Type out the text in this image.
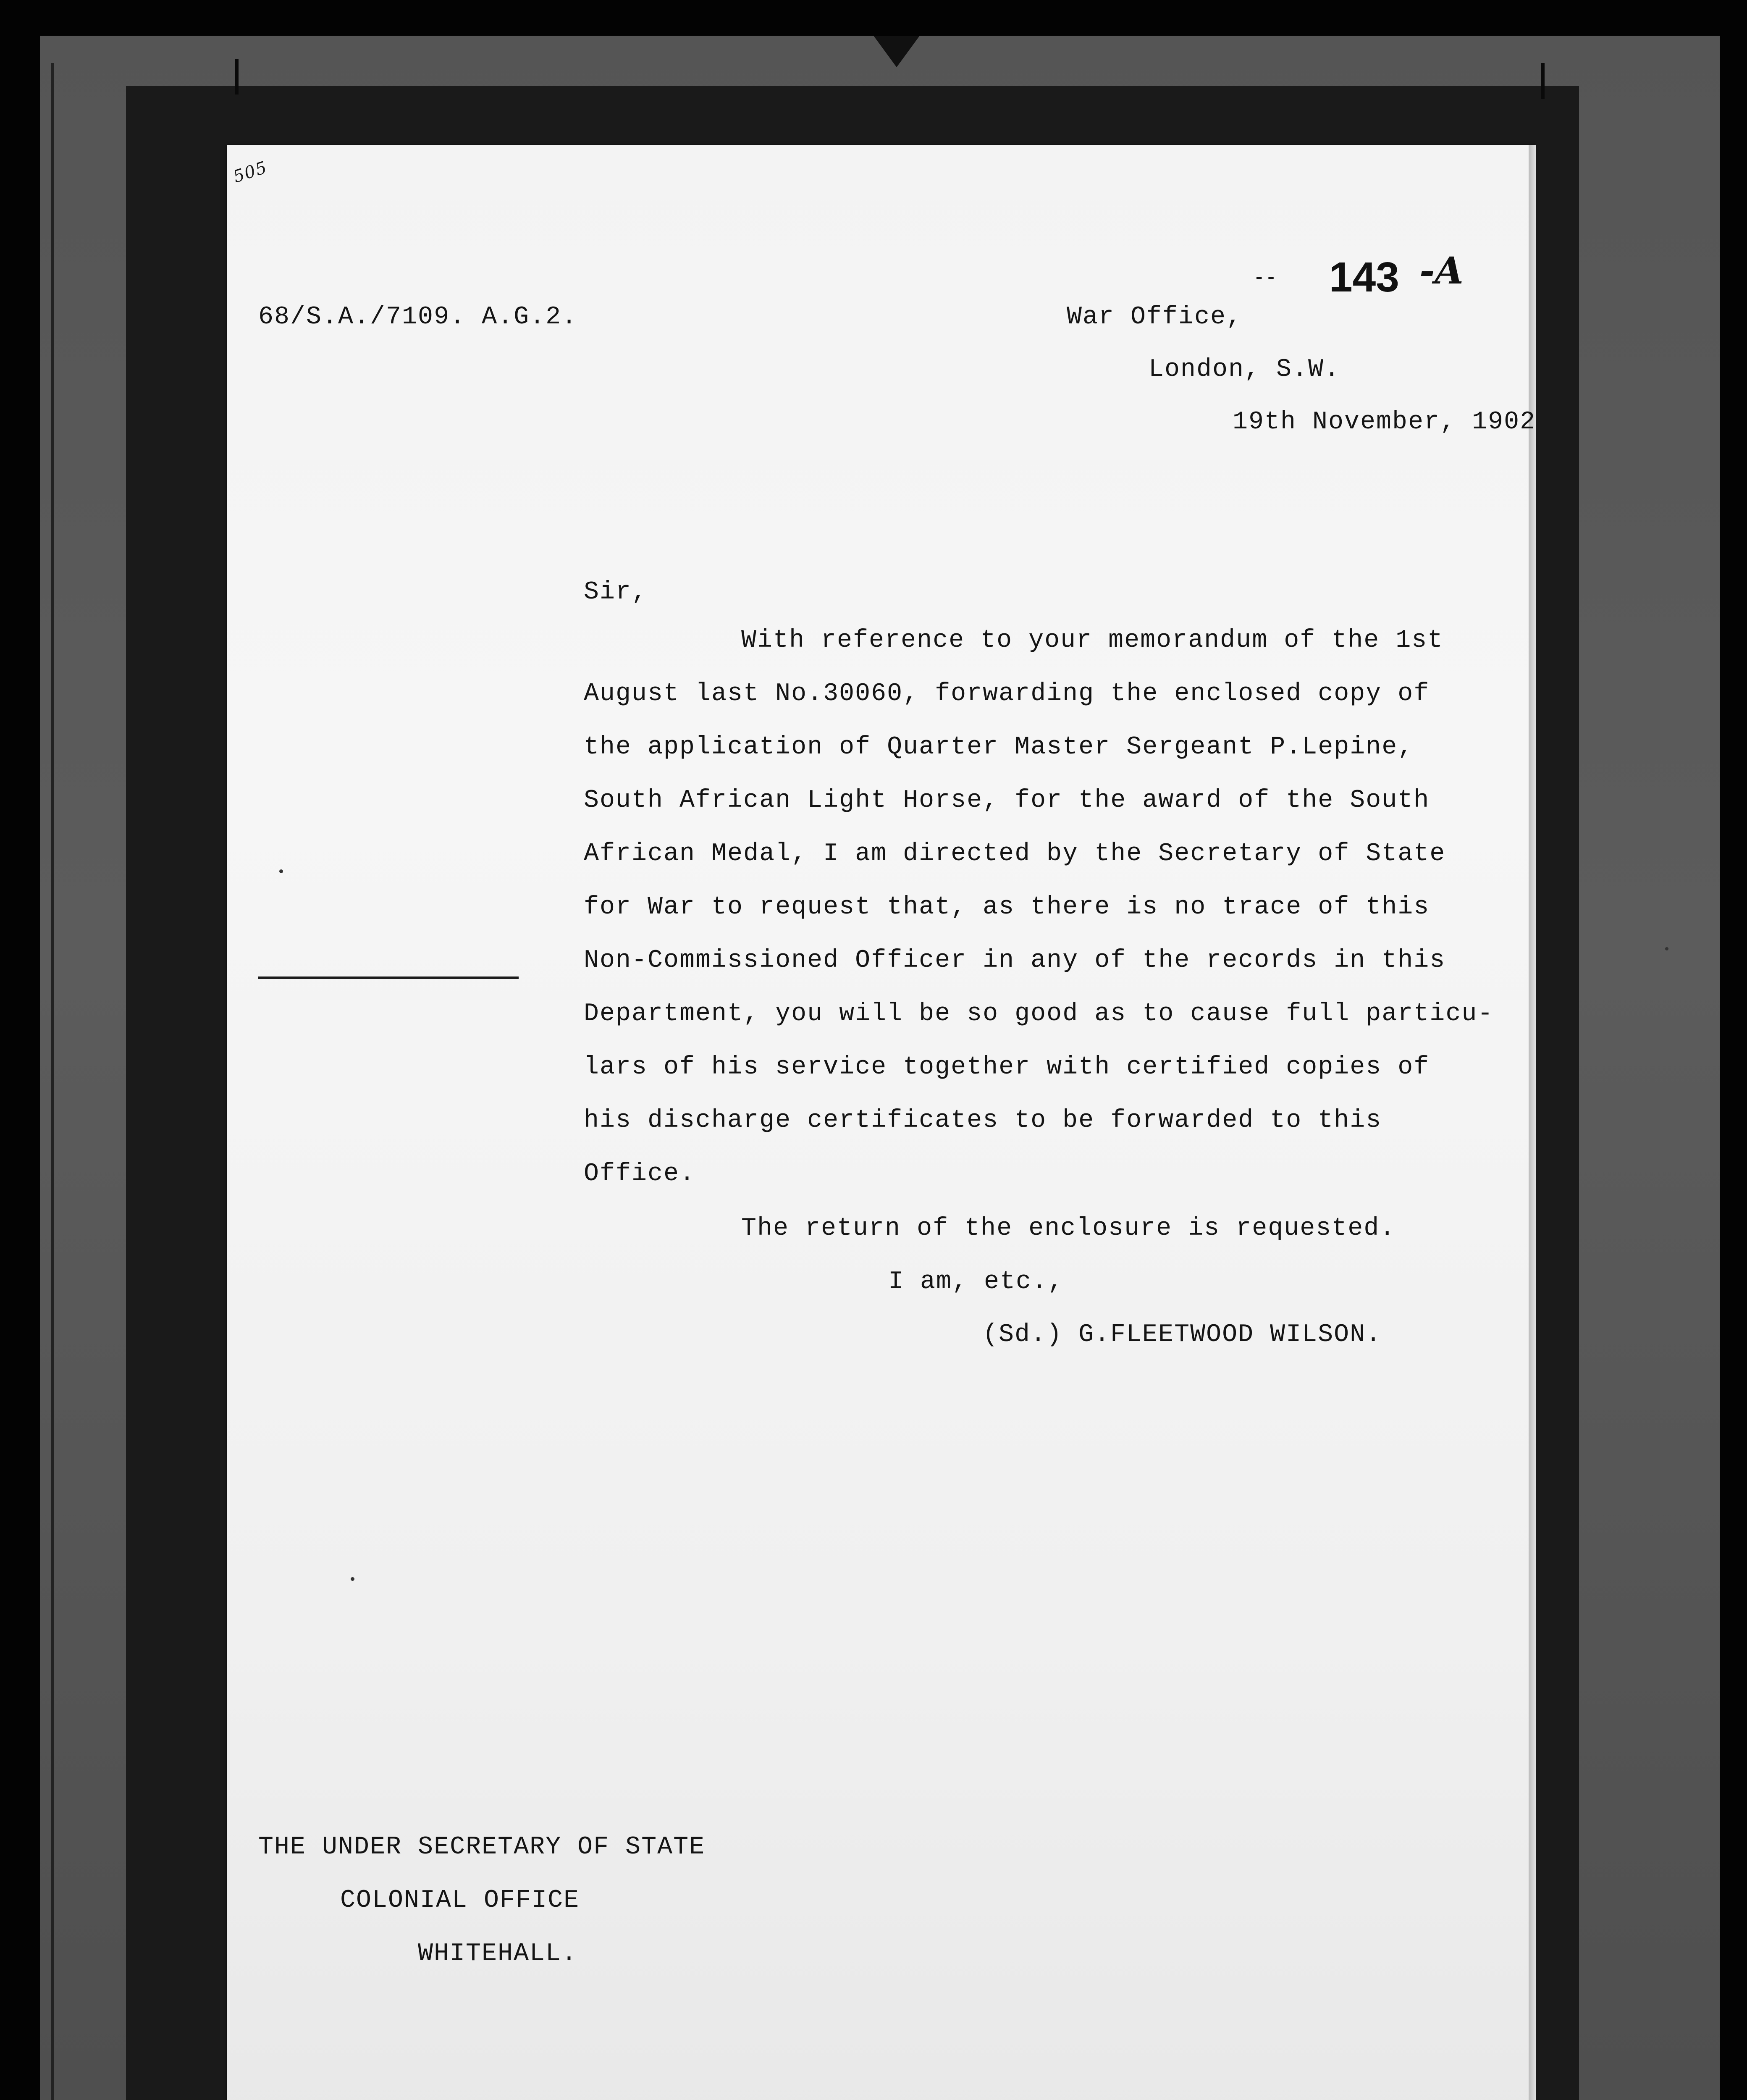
505
-- 143 -A
68/S.A./7109. A.G.2.	War Office,
London, S.W.
19th November, 1902
Sir,
With reference to your memorandum of the 1st
August last No.30060, forwarding the enclosed copy of
the application of Quarter Master Sergeant P.Lepine,
South African Light Horse, for the award of the South
African Medal, I am directed by the Secretary of State
for War to request that, as there is no trace of this
Non-Commissioned Officer in any of the records in this
Department, you will be so good as to cause full particu-
lars of his service together with certified copies of
his discharge certificates to be forwarded to this
Office.
The return of the enclosure is requested.
I am, etc.,
(Sd.) G.FLEETWOOD WILSON.
THE UNDER SECRETARY OF STATE
COLONIAL OFFICE
WHITEHALL.
